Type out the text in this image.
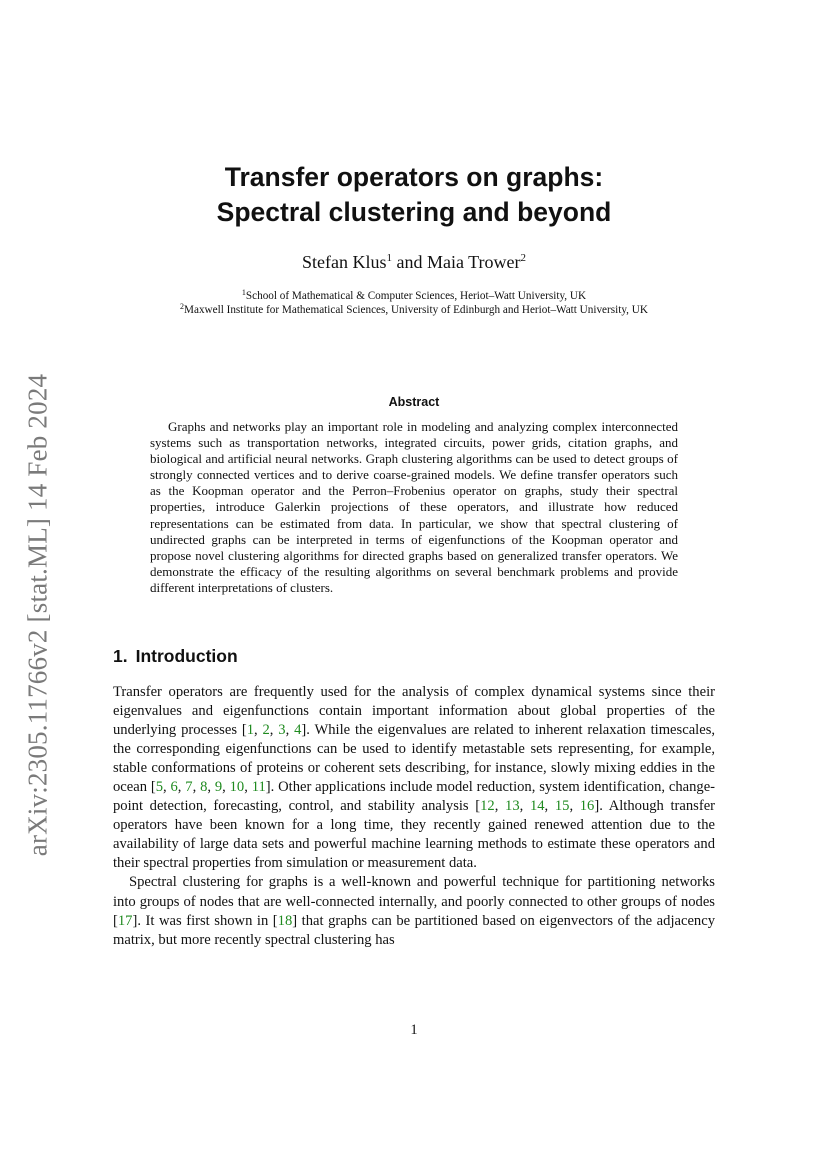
arXiv:2305.11766v2 [stat.ML] 14 Feb 2024
Transfer operators on graphs:
Spectral clustering and beyond
Stefan Klus$^1$ and Maia Trower$^2$
$^1$School of Mathematical & Computer Sciences, Heriot–Watt University, UK
$^2$Maxwell Institute for Mathematical Sciences, University of Edinburgh and Heriot–Watt University, UK
Abstract

Graphs and networks play an important role in modeling and analyzing complex interconnected systems such as transportation networks, integrated circuits, power grids, citation graphs, and biological and artificial neural networks. Graph clustering algorithms can be used to detect groups of strongly connected vertices and to derive coarse-grained models. We define transfer operators such as the Koopman operator and the Perron–Frobenius operator on graphs, study their spectral properties, introduce Galerkin projections of these operators, and illustrate how reduced representations can be estimated from data. In particular, we show that spectral clustering of undirected graphs can be interpreted in terms of eigenfunctions of the Koopman operator and propose novel clustering algorithms for directed graphs based on generalized transfer operators. We demonstrate the efficacy of the resulting algorithms on several benchmark problems and provide different interpretations of clusters.

1. Introduction

Transfer operators are frequently used for the analysis of complex dynamical systems since their eigenvalues and eigenfunctions contain important information about global properties of the underlying processes [1, 2, 3, 4]. While the eigenvalues are related to inherent relaxation timescales, the corresponding eigenfunctions can be used to identify metastable sets representing, for example, stable conformations of proteins or coherent sets describing, for instance, slowly mixing eddies in the ocean [5, 6, 7, 8, 9, 10, 11]. Other applications include model reduction, system identification, change-point detection, forecasting, control, and stability analysis [12, 13, 14, 15, 16]. Although transfer operators have been known for a long time, they recently gained renewed attention due to the availability of large data sets and powerful machine learning methods to estimate these operators and their spectral properties from simulation or measurement data.

Spectral clustering for graphs is a well-known and powerful technique for partitioning networks into groups of nodes that are well-connected internally, and poorly connected to other groups of nodes [17]. It was first shown in [18] that graphs can be partitioned based on eigenvectors of the adjacency matrix, but more recently spectral clustering has

1
